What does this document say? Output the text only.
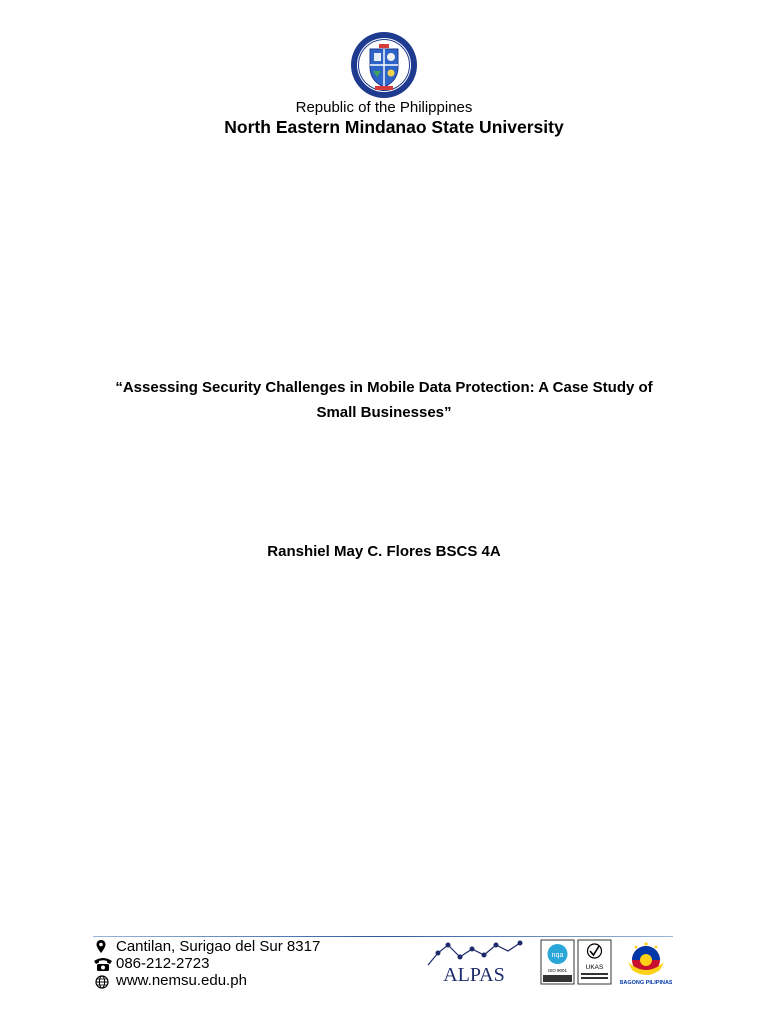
Republic of the Philippines
North Eastern Mindanao State University
“Assessing Security Challenges in Mobile Data Protection: A Case Study of
Small Businesses”
Ranshiel May C. Flores BSCS 4A
Cantilan, Surigao del Sur 8317
086-212-2723
www.nemsu.edu.ph	ALPAS
nqa
ISO 9001	UKAS
BAGONG PILIPINAS
